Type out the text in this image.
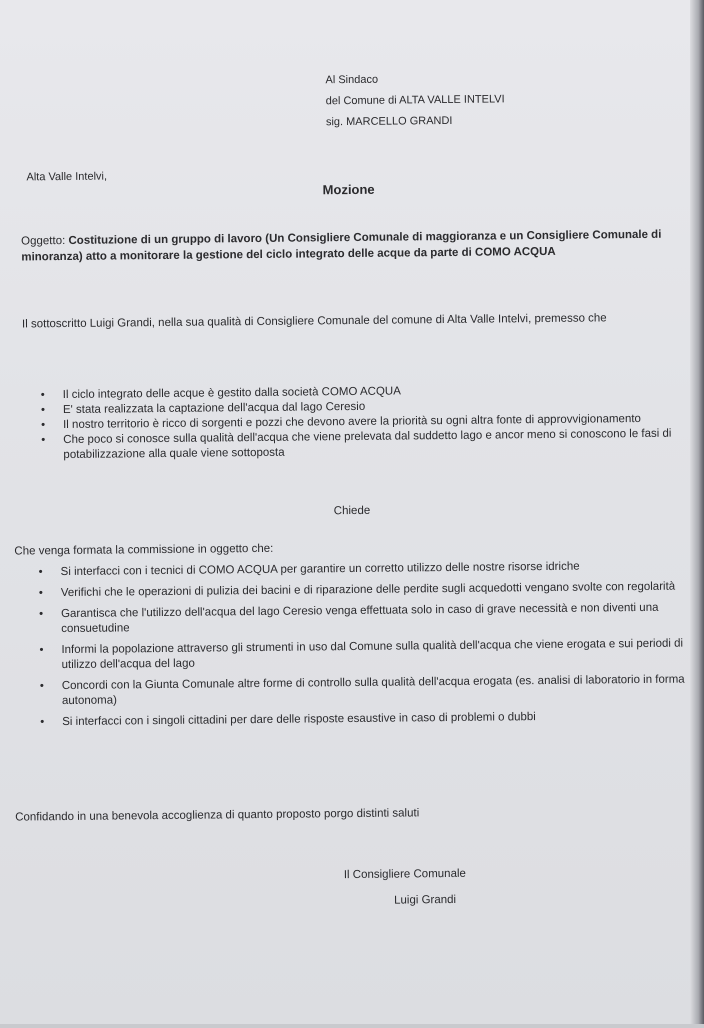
Al Sindaco
del Comune di ALTA VALLE INTELVI
sig. MARCELLO GRANDI
Alta Valle Intelvi,
Mozione
Oggetto: Costituzione di un gruppo di lavoro (Un Consigliere Comunale di maggioranza e un Consigliere Comunale di minoranza) atto a monitorare la gestione del ciclo integrato delle acque da parte di COMO ACQUA
Il sottoscritto Luigi Grandi, nella sua qualità di Consigliere Comunale del comune di Alta Valle Intelvi, premesso che
• Il ciclo integrato delle acque è gestito dalla società COMO ACQUA
• E' stata realizzata la captazione dell'acqua dal lago Ceresio
• Il nostro territorio è ricco di sorgenti e pozzi che devono avere la priorità su ogni altra fonte di approvvigionamento
• Che poco si conosce sulla qualità dell'acqua che viene prelevata dal suddetto lago e ancor meno si conoscono le fasi di potabilizzazione alla quale viene sottoposta
Chiede
Che venga formata la commissione in oggetto che:
• Si interfacci con i tecnici di COMO ACQUA per garantire un corretto utilizzo delle nostre risorse idriche
• Verifichi che le operazioni di pulizia dei bacini e di riparazione delle perdite sugli acquedotti vengano svolte con regolarità
• Garantisca che l'utilizzo dell'acqua del lago Ceresio venga effettuata solo in caso di grave necessità e non diventi una consuetudine
• Informi la popolazione attraverso gli strumenti in uso dal Comune sulla qualità dell'acqua che viene erogata e sui periodi di utilizzo dell'acqua del lago
• Concordi con la Giunta Comunale altre forme di controllo sulla qualità dell'acqua erogata (es. analisi di laboratorio in forma autonoma)
• Si interfacci con i singoli cittadini per dare delle risposte esaustive in caso di problemi o dubbi
Confidando in una benevola accoglienza di quanto proposto porgo distinti saluti
Il Consigliere Comunale
Luigi Grandi
